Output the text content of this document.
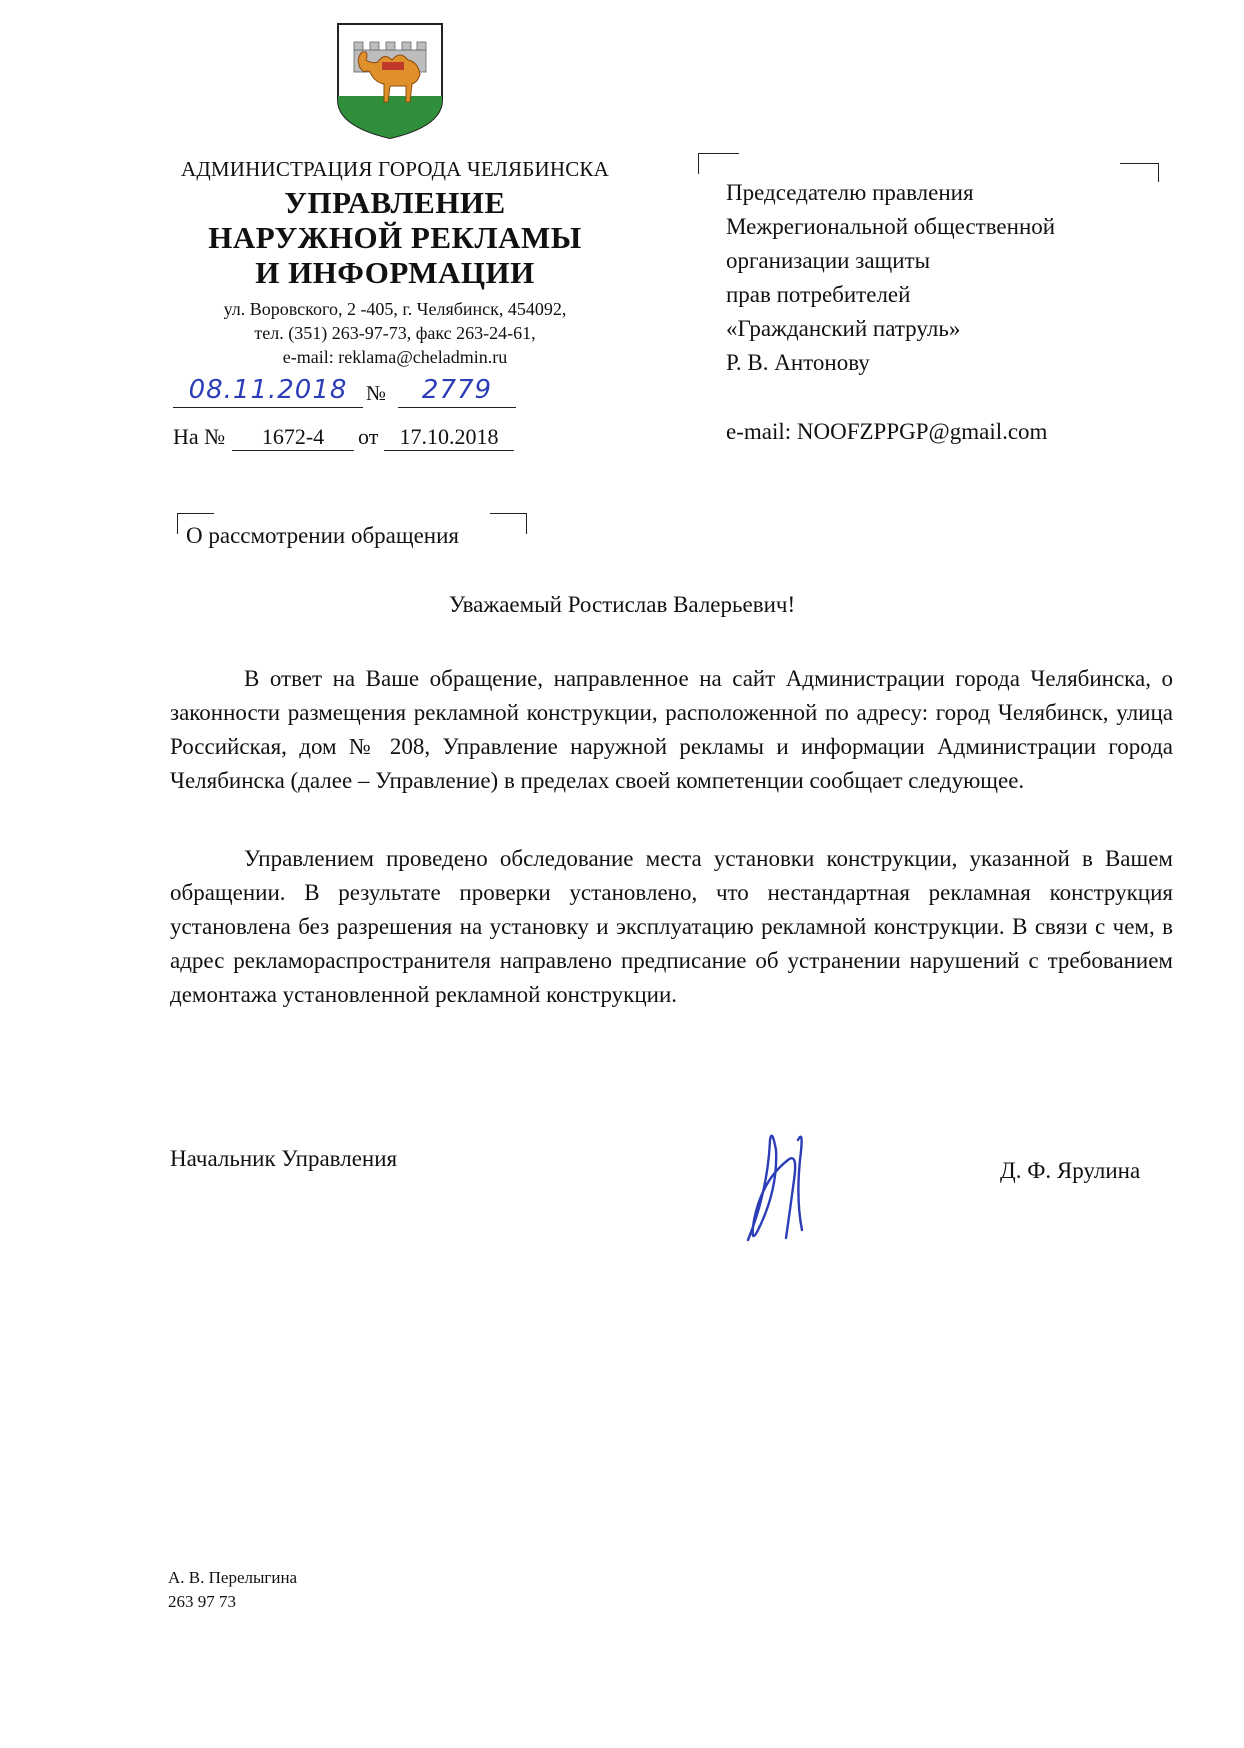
АДМИНИСТРАЦИЯ ГОРОДА ЧЕЛЯБИНСКА
УПРАВЛЕНИЕ
НАРУЖНОЙ РЕКЛАМЫ
И ИНФОРМАЦИИ
ул. Воровского, 2 -405, г. Челябинск, 454092,
тел. (351) 263-97-73, факс 263-24-61,
e-mail: reklama@cheladmin.ru
08.11.2018 №	2779
На №	1672-4	от 17.10.2018
Председателю правления
Межрегиональной общественной
организации защиты
прав потребителей
«Гражданский патруль»
Р. В. Антонову
e-mail: NOOFZPPGP@gmail.com
О рассмотрении обращения
Уважаемый Ростислав Валерьевич!

В ответ на Ваше обращение, направленное на сайт Администрации города Челябинска, о законности размещения рекламной конструкции, расположенной по адресу: город Челябинск, улица Российская, дом № 208, Управление наружной рекламы и информации Администрации города Челябинска (далее – Управление) в пределах своей компетенции сообщает следующее.

Управлением проведено обследование места установки конструкции, указанной в Вашем обращении. В результате проверки установлено, что нестандартная рекламная конструкция установлена без разрешения на установку и эксплуатацию рекламной конструкции. В связи с чем, в адрес рекламораспространителя направлено предписание об устранении нарушений с требованием демонтажа установленной рекламной конструкции.

Начальник Управления	Д. Ф. Ярулина
А. В. Перелыгина
263 97 73
